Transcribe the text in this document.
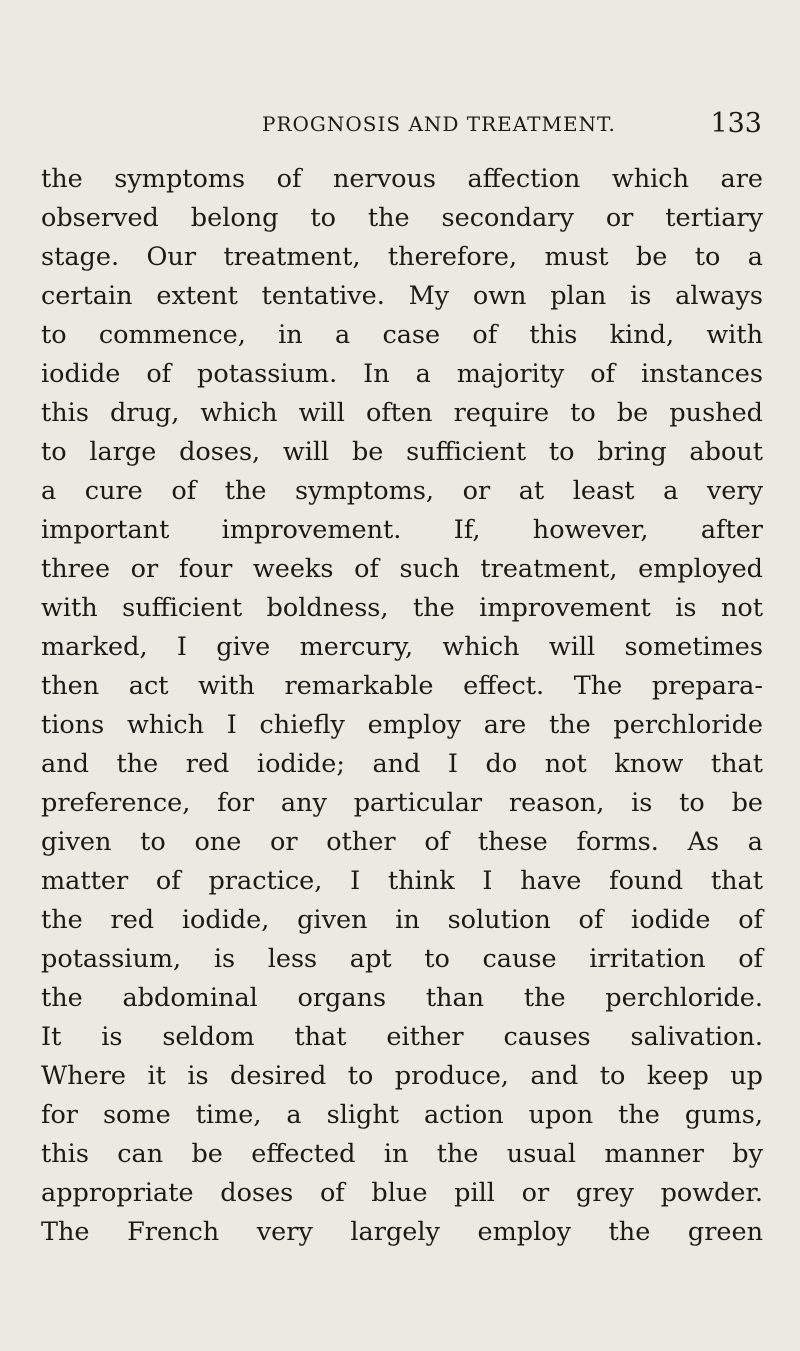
PROGNOSIS AND TREATMENT.	133
the symptoms of nervous affection which are
observed belong to the secondary or tertiary
stage. Our treatment, therefore, must be to a
certain extent tentative. My own plan is always
to commence, in a case of this kind, with
iodide of potassium. In a majority of instances
this drug, which will often require to be pushed
to large doses, will be sufficient to bring about
a cure of the symptoms, or at least a very
important improvement. If, however, after
three or four weeks of such treatment, employed
with sufficient boldness, the improvement is not
marked, I give mercury, which will sometimes
then act with remarkable effect. The prepara-
tions which I chiefly employ are the perchloride
and the red iodide; and I do not know that
preference, for any particular reason, is to be
given to one or other of these forms. As a
matter of practice, I think I have found that
the red iodide, given in solution of iodide of
potassium, is less apt to cause irritation of
the abdominal organs than the perchloride.
It is seldom that either causes salivation.
Where it is desired to produce, and to keep up
for some time, a slight action upon the gums,
this can be effected in the usual manner by
appropriate doses of blue pill or grey powder.
The French very largely employ the green
